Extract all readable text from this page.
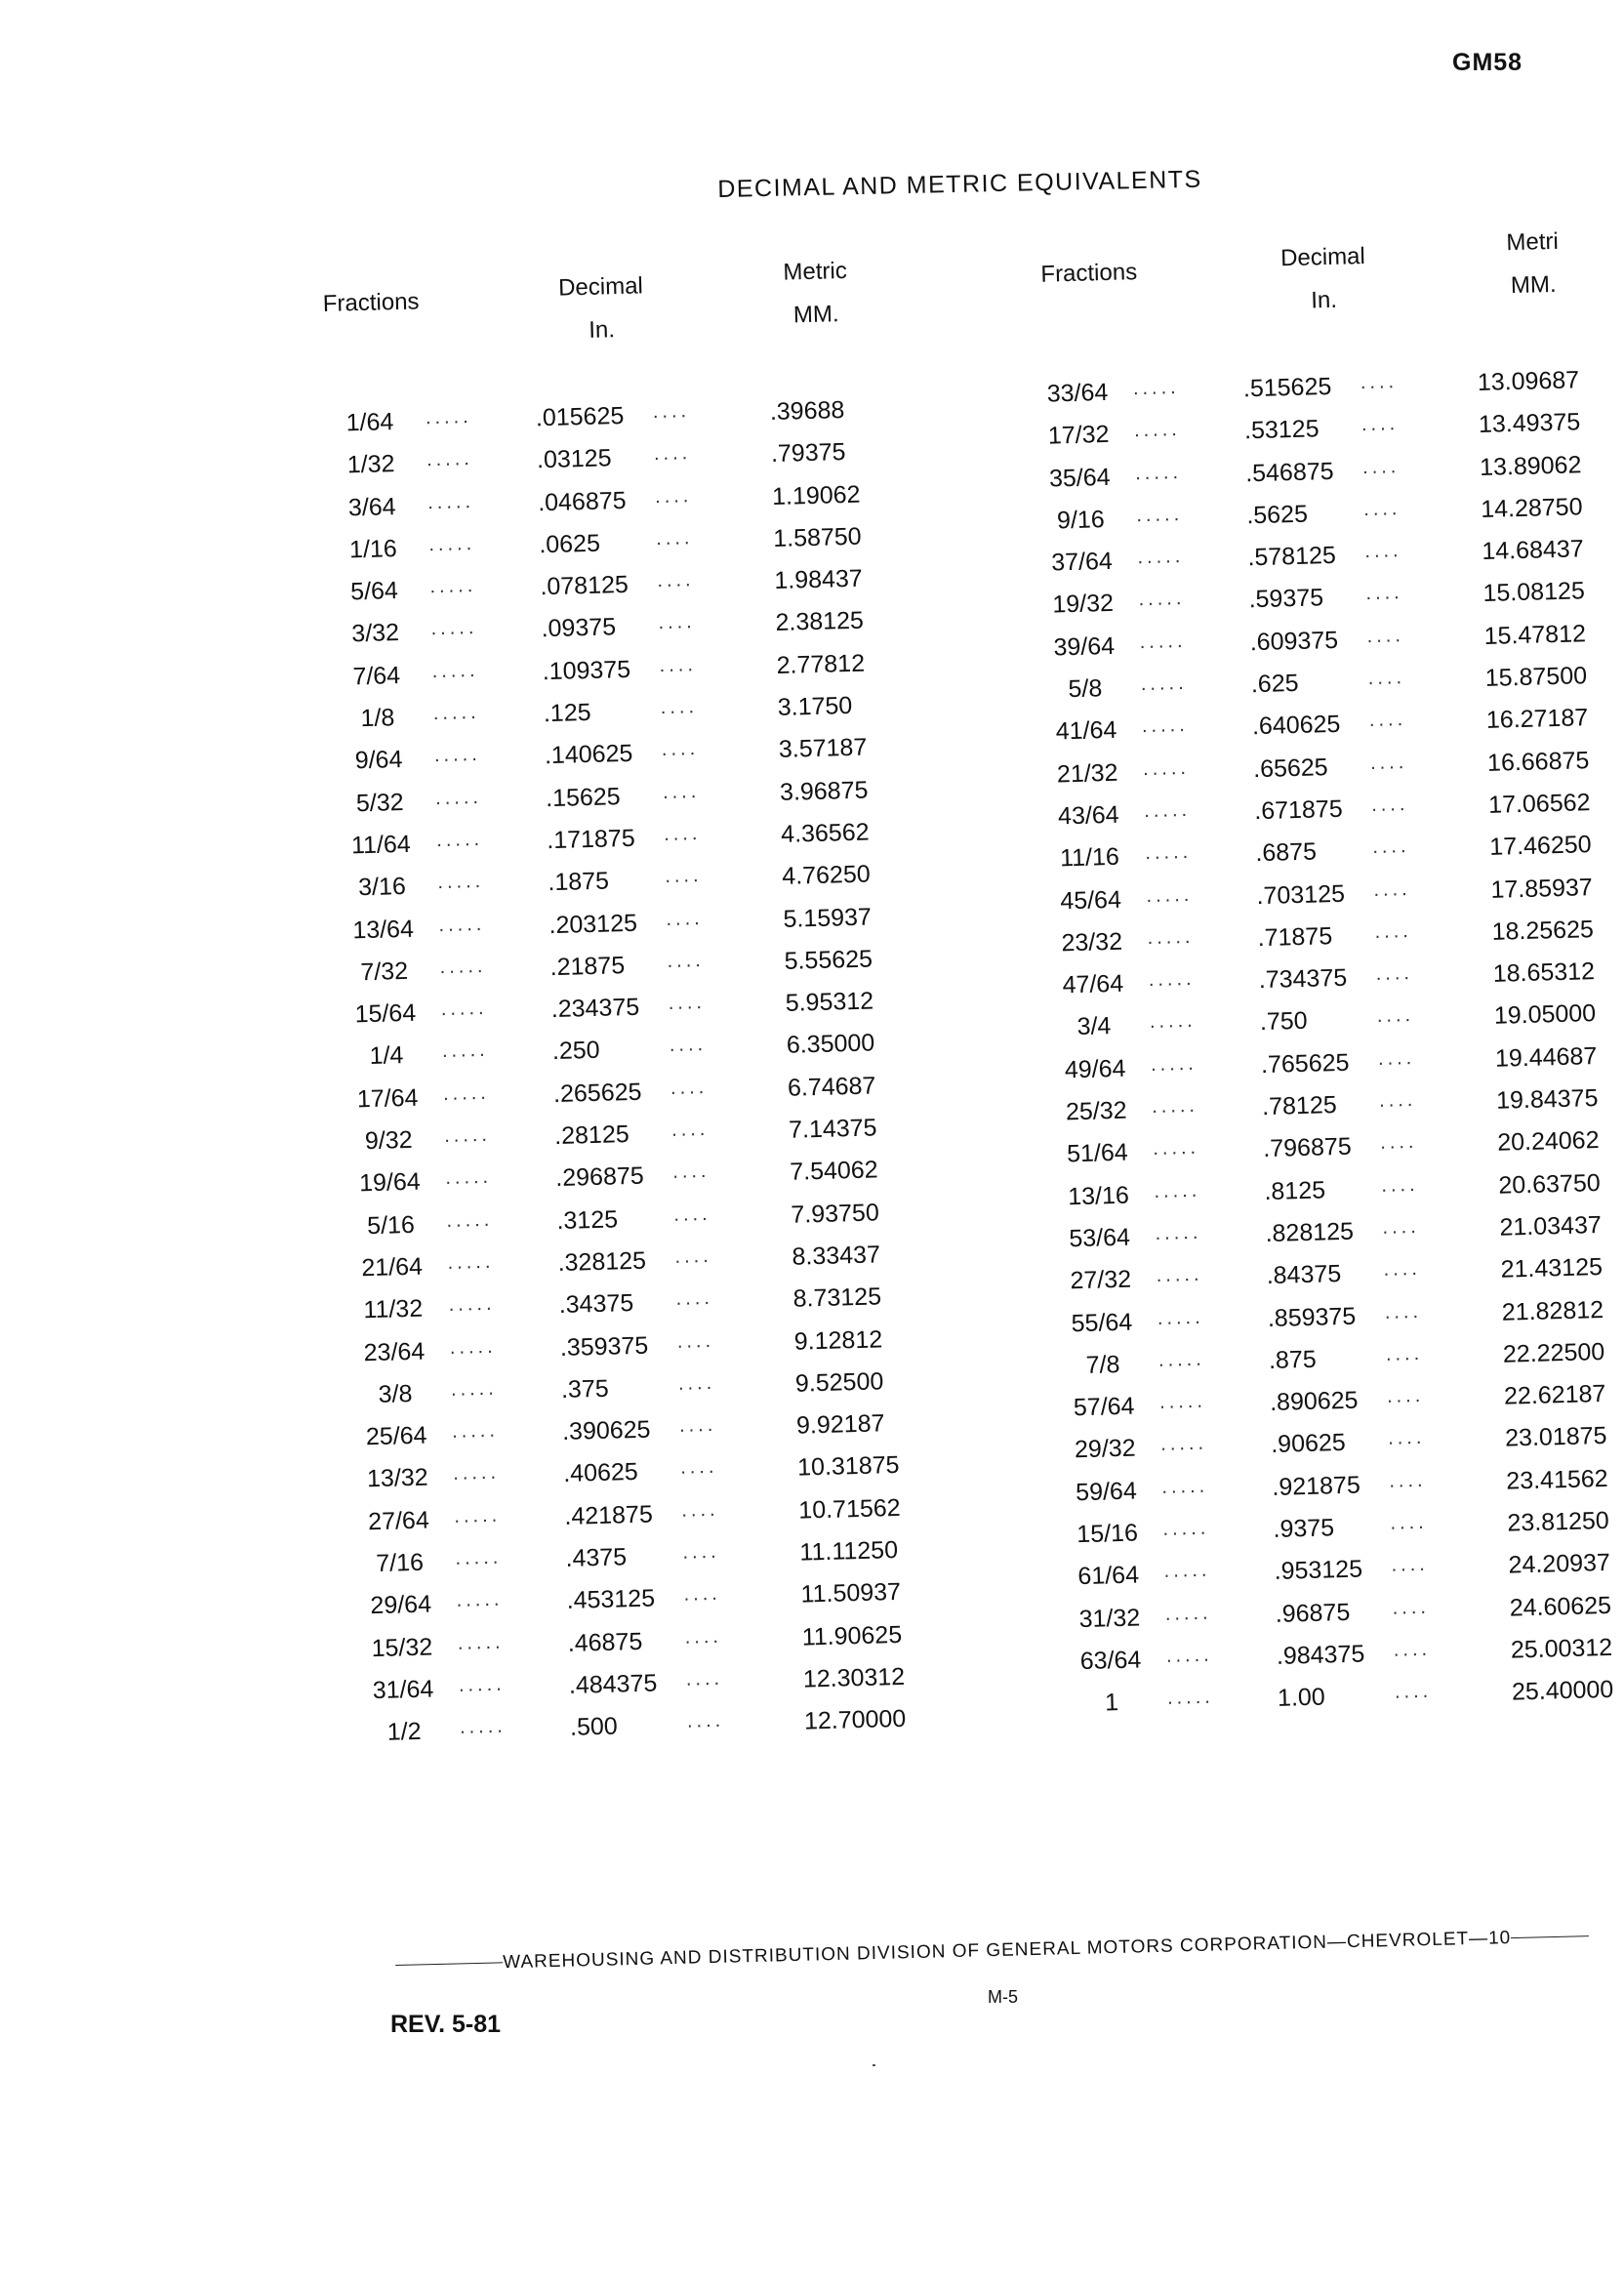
GM58
DECIMAL AND METRIC EQUIVALENTS
Fractions
Decimal
In.
Metric
MM.
1/64	.....	.015625 ....	.39688
1/32	.....	.03125 ....	.79375
3/64	.....	.046875 ....	1.19062
1/16	.....	.0625	....	1.58750
5/64	.....	.078125 ....	1.98437
3/32	.....	.09375 ....	2.38125
7/64	.....	.109375 ....	2.77812
1/8	.....	.125	....	3.1750
9/64	.....	.140625 ....	3.57187
5/32	.....	.15625 ....	3.96875
11/64	.....	.171875 ....	4.36562
3/16	.....	.1875	....	4.76250
13/64	.....	.203125 ....	5.15937
7/32	.....	.21875 ....	5.55625
15/64	.....	.234375 ....	5.95312
1/4	.....	.250	....	6.35000
17/64	.....	.265625 ....	6.74687
9/32	.....	.28125 ....	7.14375
19/64	.....	.296875 ....	7.54062
5/16	.....	.3125	....	7.93750
21/64	.....	.328125 ....	8.33437
11/32	.....	.34375 ....	8.73125
23/64	.....	.359375 ....	9.12812
3/8	.....	.375	....	9.52500
25/64	.....	.390625 ....	9.92187
13/32	.....	.40625 ....	10.31875
27/64	.....	.421875 ....	10.71562
7/16	.....	.4375	....	11.11250
29/64	.....	.453125 ....	11.50937
15/32	.....	.46875 ....	11.90625
31/64	.....	.484375 ....	12.30312
1/2	.....	.500	....	12.70000
Fractions
Decimal
In.
Metri
MM.
33/64	.....	.515625 ....	13.09687
17/32	.....	.53125 ....	13.49375
35/64	.....	.546875 ....	13.89062
9/16	.....	.5625	....	14.28750
37/64	.....	.578125 ....	14.68437
19/32	.....	.59375 ....	15.08125
39/64	.....	.609375 ....	15.47812
5/8	.....	.625	....	15.87500
41/64	.....	.640625 ....	16.27187
21/32	.....	.65625 ....	16.66875
43/64	.....	.671875 ....	17.06562
11/16	.....	.6875	....	17.46250
45/64	.....	.703125 ....	17.85937
23/32	.....	.71875 ....	18.25625
47/64	.....	.734375 ....	18.65312
3/4	.....	.750	....	19.05000
49/64	.....	.765625 ....	19.44687
25/32	.....	.78125 ....	19.84375
51/64	.....	.796875 ....	20.24062
13/16	.....	.8125	....	20.63750
53/64	.....	.828125 ....	21.03437
27/32	.....	.84375 ....	21.43125
55/64	.....	.859375 ....	21.82812
7/8	.....	.875	....	22.22500
57/64	.....	.890625 ....	22.62187
29/32	.....	.90625 ....	23.01875
59/64	.....	.921875 ....	23.41562
15/16	.....	.9375	....	23.81250
61/64	.....	.953125 ....	24.20937
31/32	.....	.96875 ....	24.60625
63/64	.....	.984375 ....	25.00312
1	.....	1.00	....	25.40000
WAREHOUSING AND DISTRIBUTION DIVISION OF GENERAL MOTORS CORPORATION—CHEVROLET—10
M-5
REV. 5-81
